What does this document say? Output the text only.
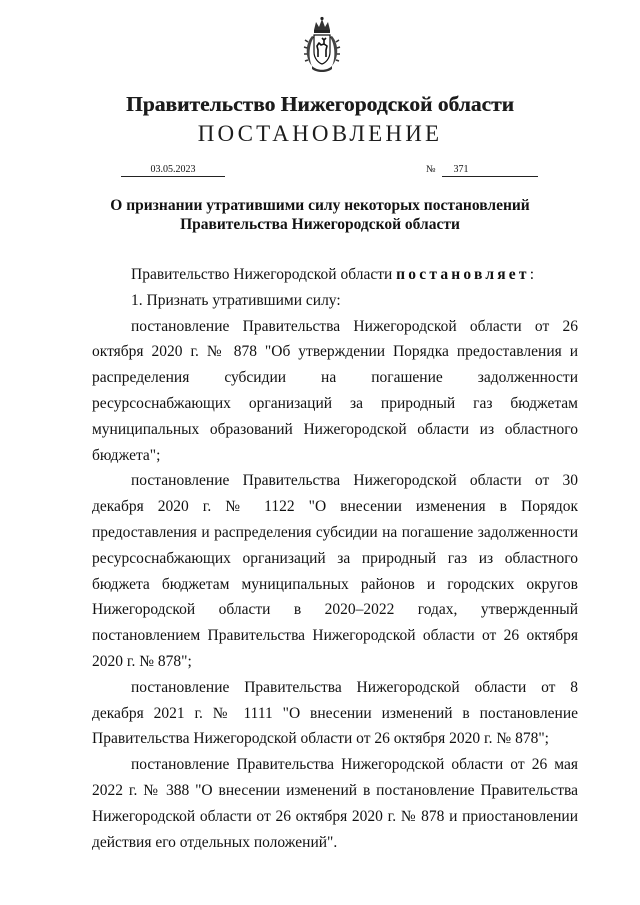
Правительство Нижегородской области
ПОСТАНОВЛЕНИЕ
03.05.2023	№ 371
О признании утратившими силу некоторых постановлений
Правительства Нижегородской области

Правительство Нижегородской области постановляет:

1. Признать утратившими силу:

постановление Правительства Нижегородской области от 26 октября 2020 г. № 878 "Об утверждении Порядка предоставления и распределения субсидии на погашение задолженности ресурсоснабжающих организаций за природный газ бюджетам муниципальных образований Нижегородской области из областного бюджета";

постановление Правительства Нижегородской области от 30 декабря 2020 г. № 1122 "О внесении изменения в Порядок предоставления и распределения субсидии на погашение задолженности ресурсоснабжающих организаций за природный газ из областного бюджета бюджетам муниципальных районов и городских округов Нижегородской области в 2020–2022 годах, утвержденный постановлением Правительства Нижегородской области от 26 октября 2020 г. № 878";

постановление Правительства Нижегородской области от 8 декабря 2021 г. № 1111 "О внесении изменений в постановление Правительства Нижегородской области от 26 октября 2020 г. № 878";

постановление Правительства Нижегородской области от 26 мая 2022 г. № 388 "О внесении изменений в постановление Правительства Нижегородской области от 26 октября 2020 г. № 878 и приостановлении действия его отдельных положений".
